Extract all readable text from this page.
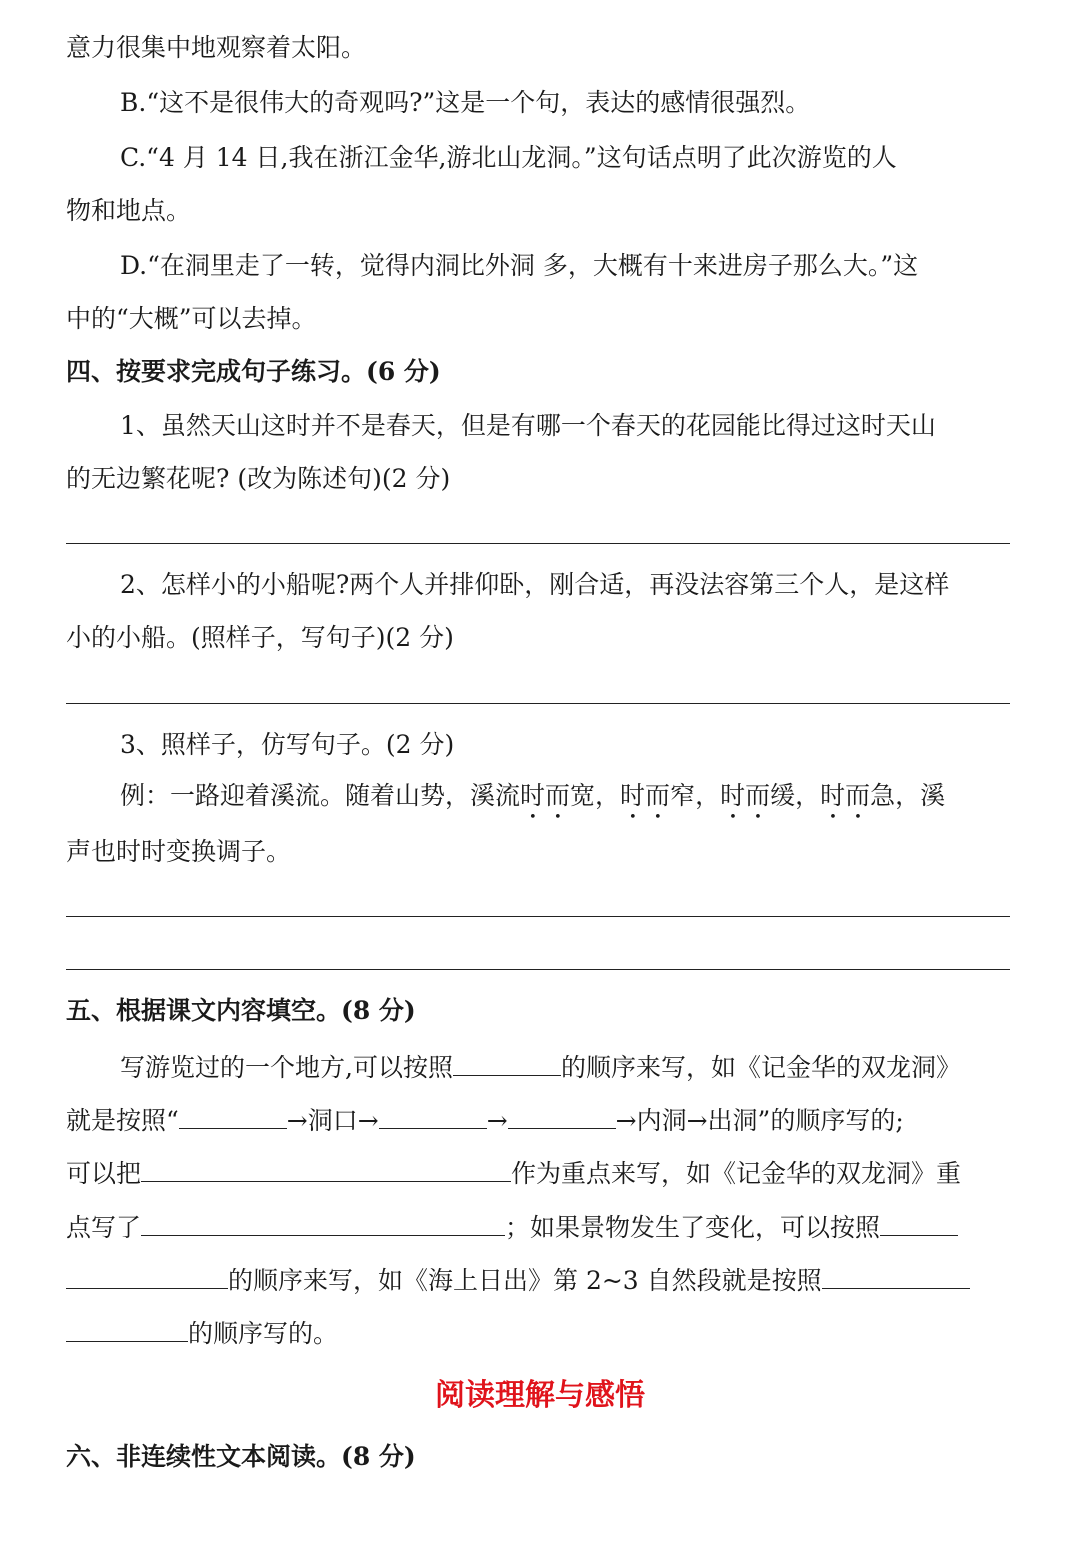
意力很集中地观察着太阳。
B.“这不是很伟大的奇观吗?”这是一个句，表达的感情很强烈。
C.“4 月 14 日,我在浙江金华,游北山龙洞。”这句话点明了此次游览的人
物和地点。
D.“在洞里走了一转，觉得内洞比外洞 多，大概有十来进房子那么大。”这
中的“大概”可以去掉。
四、按要求完成句子练习。(6 分)
1、虽然天山这时并不是春天，但是有哪一个春天的花园能比得过这时天山
的无边繁花呢? (改为陈述句)(2 分)
2、怎样小的小船呢?两个人并排仰卧，刚合适，再没法容第三个人，是这样
小的小船。(照样子，写句子)(2 分)
3、照样子，仿写句子。(2 分)
例：一路迎着溪流。随着山势，溪流时而宽，时而窄，时而缓，时而急，溪
声也时时变换调子。
五、根据课文内容填空。(8 分)
写游览过的一个地方,可以按照	的顺序来写，如《记金华的双龙洞》
就是按照“	→洞口→	→	→内洞→出洞”的顺序写的;
可以把	作为重点来写，如《记金华的双龙洞》重
点写了	；如果景物发生了变化，可以按照
的顺序来写，如《海上日出》第 2~3 自然段就是按照
的顺序写的。
阅读理解与感悟
六、非连续性文本阅读。(8 分)
